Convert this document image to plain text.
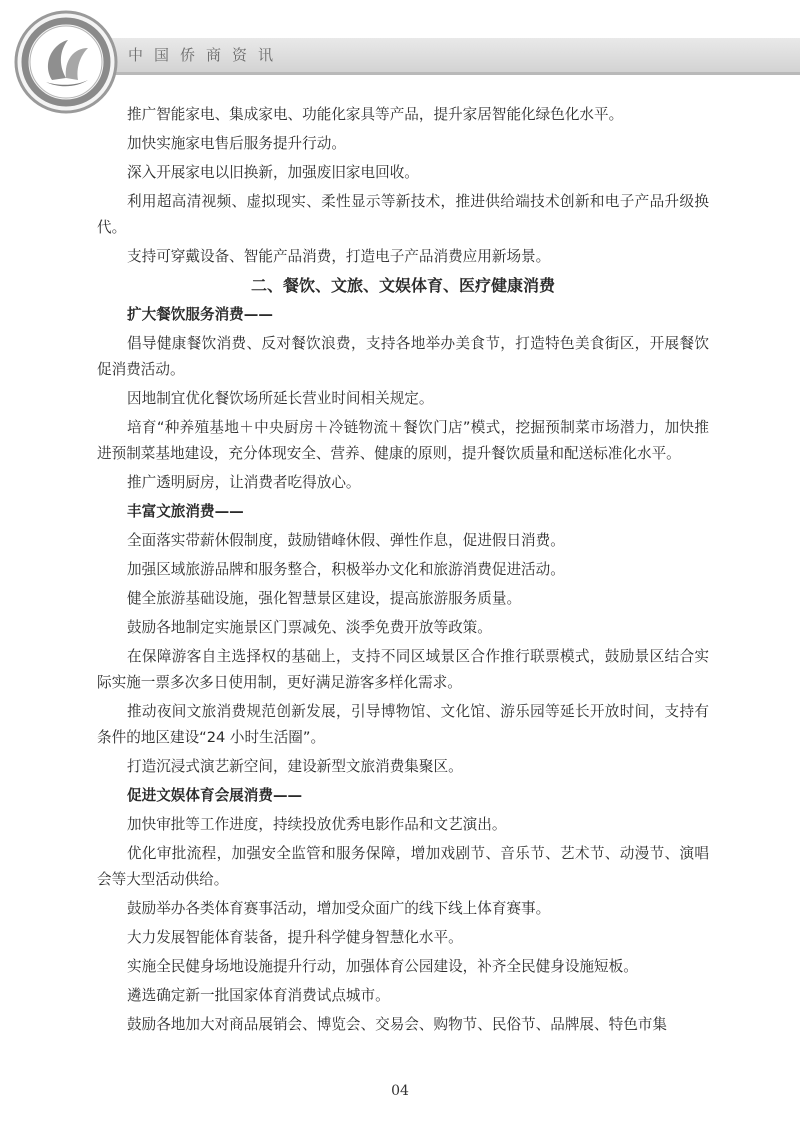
中国侨商资讯

推广智能家电、集成家电、功能化家具等产品，提升家居智能化绿色化水平。

加快实施家电售后服务提升行动。

深入开展家电以旧换新，加强废旧家电回收。

利用超高清视频、虚拟现实、柔性显示等新技术，推进供给端技术创新和电子产品升级换代。

支持可穿戴设备、智能产品消费，打造电子产品消费应用新场景。

二、餐饮、文旅、文娱体育、医疗健康消费

扩大餐饮服务消费——

倡导健康餐饮消费、反对餐饮浪费，支持各地举办美食节，打造特色美食街区，开展餐饮促消费活动。

因地制宜优化餐饮场所延长营业时间相关规定。

培育“种养殖基地＋中央厨房＋冷链物流＋餐饮门店”模式，挖掘预制菜市场潜力，加快推进预制菜基地建设，充分体现安全、营养、健康的原则，提升餐饮质量和配送标准化水平。

推广透明厨房，让消费者吃得放心。

丰富文旅消费——

全面落实带薪休假制度，鼓励错峰休假、弹性作息，促进假日消费。

加强区域旅游品牌和服务整合，积极举办文化和旅游消费促进活动。

健全旅游基础设施，强化智慧景区建设，提高旅游服务质量。

鼓励各地制定实施景区门票减免、淡季免费开放等政策。

在保障游客自主选择权的基础上，支持不同区域景区合作推行联票模式，鼓励景区结合实际实施一票多次多日使用制，更好满足游客多样化需求。

推动夜间文旅消费规范创新发展，引导博物馆、文化馆、游乐园等延长开放时间，支持有条件的地区建设“24 小时生活圈”。

打造沉浸式演艺新空间，建设新型文旅消费集聚区。

促进文娱体育会展消费——

加快审批等工作进度，持续投放优秀电影作品和文艺演出。

优化审批流程，加强安全监管和服务保障，增加戏剧节、音乐节、艺术节、动漫节、演唱会等大型活动供给。

鼓励举办各类体育赛事活动，增加受众面广的线下线上体育赛事。

大力发展智能体育装备，提升科学健身智慧化水平。

实施全民健身场地设施提升行动，加强体育公园建设，补齐全民健身设施短板。

遴选确定新一批国家体育消费试点城市。

鼓励各地加大对商品展销会、博览会、交易会、购物节、民俗节、品牌展、特色市集

04
